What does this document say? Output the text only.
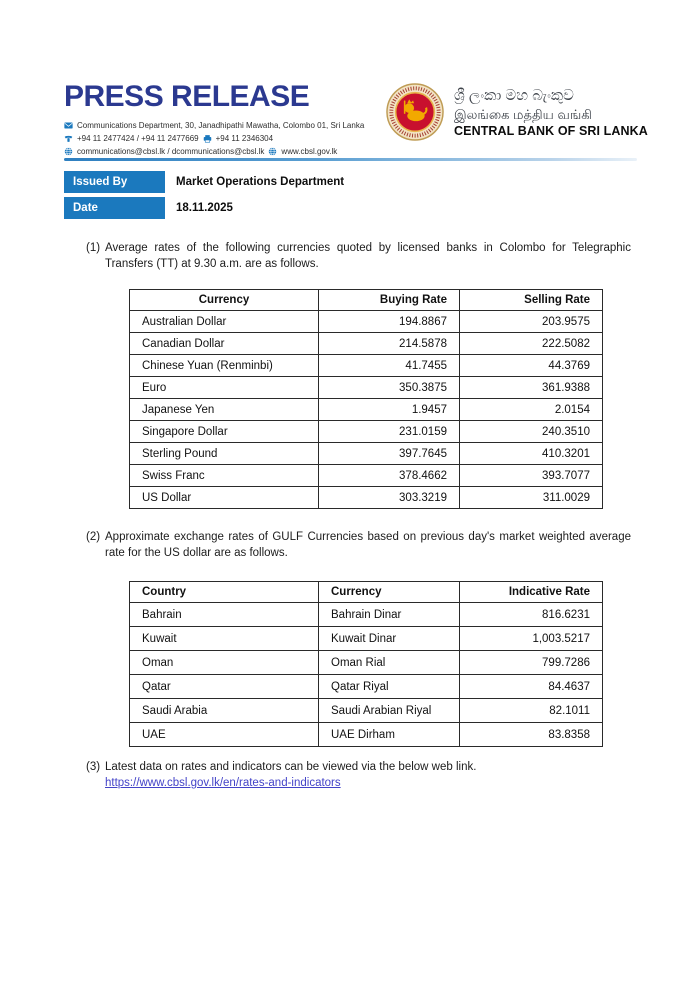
PRESS RELEASE
Communications Department, 30, Janadhipathi Mawatha, Colombo 01, Sri Lanka
+94 11 2477424 / +94 11 2477669 +94 11 2346304
communications@cbsl.lk / dcommunications@cbsl.lk www.cbsl.gov.lk
ශ්‍රී ලංකා මහ බැංකුව
இலங்கை மத்திய வங்கி
CENTRAL BANK OF SRI LANKA
Issued By	Market Operations Department
Date	18.11.2025
(1) Average rates of the following currencies quoted by licensed banks in Colombo for Telegraphic Transfers (TT) at 9.30 a.m. are as follows.
Currency	Buying Rate	Selling Rate
Australian Dollar	194.8867	203.9575
Canadian Dollar	214.5878	222.5082
Chinese Yuan (Renminbi)	41.7455	44.3769
Euro	350.3875	361.9388
Japanese Yen	1.9457	2.0154
Singapore Dollar	231.0159	240.3510
Sterling Pound	397.7645	410.3201
Swiss Franc	378.4662	393.7077
US Dollar	303.3219	311.0029
(2) Approximate exchange rates of GULF Currencies based on previous day's market weighted average rate for the US dollar are as follows.
Country	Currency	Indicative Rate
Bahrain	Bahrain Dinar	816.6231
Kuwait	Kuwait Dinar	1,003.5217
Oman	Oman Rial	799.7286
Qatar	Qatar Riyal	84.4637
Saudi Arabia	Saudi Arabian Riyal	82.1011
UAE	UAE Dirham	83.8358
(3) Latest data on rates and indicators can be viewed via the below web link.
https://www.cbsl.gov.lk/en/rates-and-indicators
